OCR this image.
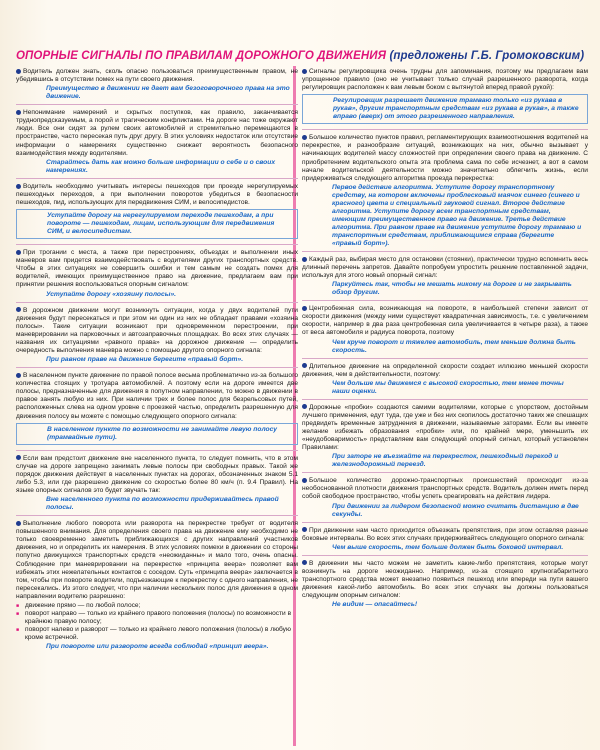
ОПОРНЫЕ СИГНАЛЫ ПО ПРАВИЛАМ ДОРОЖНОГО ДВИЖЕНИЯ (предложены Г.Б. Громоковским)

Водитель должен знать, сколь опасно пользоваться преимущественным правом, не убедившись в отсутствии помех на пути своего движения.

Преимущество в движении не дает вам безоговорочного права на это движение.

Непонимание намерений и скрытых поступков, как правило, заканчивается труднопредсказуемым, а порой и трагическим конфликтами. На дороге нас тоже окружают люди. Все они сидят за рулем своих автомобилей и стремительно перемещаются в пространстве, часто пересекая путь друг другу. В этих условиях недостаток или отсутствие информации о намерениях существенно снижает вероятность безопасного взаимодействия между водителями.

Старайтесь дать как можно больше информации о себе и о своих намерениях.

Водитель необходимо учитывать интересы пешеходов при проезде нерегулируемых пешеходных переходов, а при выполнении поворотов убедиться в безопасности пешеходов, пид, использующих для передвижения СИМ, и велосипедистов.

Уступайте дорогу на нерегулируемом переходе пешеходам, а при повороте — пешеходам, лицам, использующим для передвижения СИМ, и велосипедистам.

При трогании с места, а также при перестроениях, объездах и выполнении иных маневров вам придется взаимодействовать с водителями других транспортных средств. Чтобы в этих ситуациях не совершить ошибки и тем самым не создать помех для водителей, имеющих преимущественное право на движение, предлагаем вам при принятии решения воспользоваться опорным сигналом:

Уступайте дорогу «хозяину полосы».

В дорожном движении могут возникнуть ситуации, когда у двух водителей пути движения будут пересекаться и при этом ни один из них не обладает правами «хозяина полосы». Такие ситуации возникают при одновременном перестроении, при маневрировании на парковочных и автозаправочных площадках. Во всех этих случаях — названия их ситуациями «равного права» на дорожное движение — определить очередность выполнения маневра можно с помощью другого опорного сигнала:

При равном праве на движение берегите «правый борт».

В населенном пункте движение по правой полосе весьма проблематично из-за большого количества стоящих у тротуара автомобилей. А поэтому если на дороге имеется две полосы, предназначенные для движения в попутном направлении, то можно в движении в правое занять любую из них. При наличии трех и более полос для безрельсовых путей, расположенных слева на одном уровне с проезжей частью, определить разрешенную для движения полосу вы можете с помощью следующего опорного сигнала:

В населенном пункте по возможности не занимайте левую полосу (трамвайные пути).

Если вам предстоит движение вне населенного пункта, то следует помнить, что в этом случае на дороге запрещено занимать левые полосы при свободных правых. Такой же порядок движения действует в населенных пунктах на дорогах, обозначенных знаком 5.1 либо 5.3, или где разрешено движение со скоростью более 80 км/ч (п. 9.4 Правил). На языке опорных сигналов это будет звучать так:

Вне населенного пункта по возможности придерживайтесь правой полосы.

Выполнение любого поворота или разворота на перекрестке требует от водителя повышенного внимания. Для определения своего права на движение ему необходимо не только своевременно заметить приближающихся с других направлений участников движения, но и определить их намерения. В этих условиях помехи в движении со стороны попутно движущихся транспортных средств «неожиданны» и мало того, очень опасны. Соблюдение при маневрировании на перекрестке «принципа веера» позволяет вам избежать этих нежелательных контактов с соседом. Суть «принципа веера» заключается в том, чтобы при повороте водители, подъезжающие к перекрестку с одного направления, не пересекались. Из этого следует, что при наличии нескольких полос для движения в одном направлении водителю разрешено:

■ движение прямо — по любой полосе;
■ поворот направо — только из крайнего правого положения (полосы) по возможности в крайнюю правую полосу;
■ поворот налево и разворот — только из крайнего левого положения (полосы) в любую кроме встречной.

При повороте или развороте всегда соблюдай «принцип веера».

Сигналы регулировщика очень трудны для запоминания, поэтому мы предлагаем вам упрощенное правило (оно не учитывает только случай разрешенного разворота, когда регулировщик расположен к вам левым боком с вытянутой вперед правой рукой):

Регулировщик разрешает движение трамваю только «из рукава в рукав», другим транспортным средствам «из рукава в рукав», а также вправо (вверх) от этого разрешенного направления.

Большое количество пунктов правил, регламентирующих взаимоотношения водителей на перекрестке, и разнообразие ситуаций, возникающих на них, обычно вызывает у начинающих водителей массу сложностей при определении своего права на движение. С приобретением водительского опыта эта проблема сама по себе исчезнет, а вот в самом начале водительской деятельности можно значительно облегчить жизнь, если придерживаться следующего алгоритма проезда перекрестка:

Первое действие алгоритма. Уступите дорогу транспортному средству, на котором включены проблесковый маячок синего (синего и красного) цвета и специальный звуковой сигнал. Второе действие алгоритма. Уступите дорогу всем транспортным средствам, имеющим преимущественное право на движение. Третье действие алгоритма. При равном праве на движение уступите дорогу трамваю и транспортным средствам, приближающимся справа (берегите «правый борт»).

Каждый раз, выбирая место для остановки (стоянки), практически трудно вспомнить весь длинный перечень запретов. Давайте попробуем упростить решение поставленной задачи, используя для этого новый опорный сигнал:

Паркуйтесь так, чтобы не мешать никому на дороге и не закрывать обзор другим.

Центробежная сила, возникающая на повороте, в наибольшей степени зависит от скорости движения (между ними существует квадратичная зависимость, т.е. с увеличением скорости, например в два раза центробежная сила увеличивается в четыре раза), а также от веса автомобиля и радиуса поворота, поэтому

Чем круче поворот и тяжелее автомобиль, тем меньше должна быть скорость.

Длительное движение на определенной скорости создает иллюзию меньшей скорости движения, чем в действительности, поэтому:

Чем дольше мы движемся с высокой скоростью, тем менее точны наши оценки.

Дорожные «пробки» создаются самими водителями, которые с упорством, достойным лучшего применения, едут туда, где уже и без них скопилось достаточно таких же спешащих предвидеть временные затруднения в движении, называемые заторами. Если вы имеете желание избежать образования «пробки» или, по крайней мере, уменьшить их «неудобоваримость» представляем вам следующий опорный сигнал, который установлен Правилами:

При заторе не въезжайте на перекресток, пешеходный переход и железнодорожный переезд.

Большое количество дорожно-транспортных происшествий происходит из-за необоснованной плотности движения транспортных средств. Водитель должен иметь перед собой свободное пространство, чтобы успеть среагировать на действия лидера.

При движении за лидером безопасной можно считать дистанцию в две секунды.

При движении нам часто приходится объезжать препятствия, при этом оставляя разные боковые интервалы. Во всех этих случаях придерживайтесь следующего опорного сигнала:

Чем выше скорость, тем больше должен быть боковой интервал.

В движении мы часто можем не заметить какие-либо препятствия, которые могут возникнуть на дороге неожиданно. Например, из-за стоящего крупногабаритного транспортного средства может внезапно появиться пешеход или впереди на пути вашего движения какой-либо автомобиль. Во всех этих случаях вы должны пользоваться следующим опорным сигналом:

Не видим — опасайтесь!
